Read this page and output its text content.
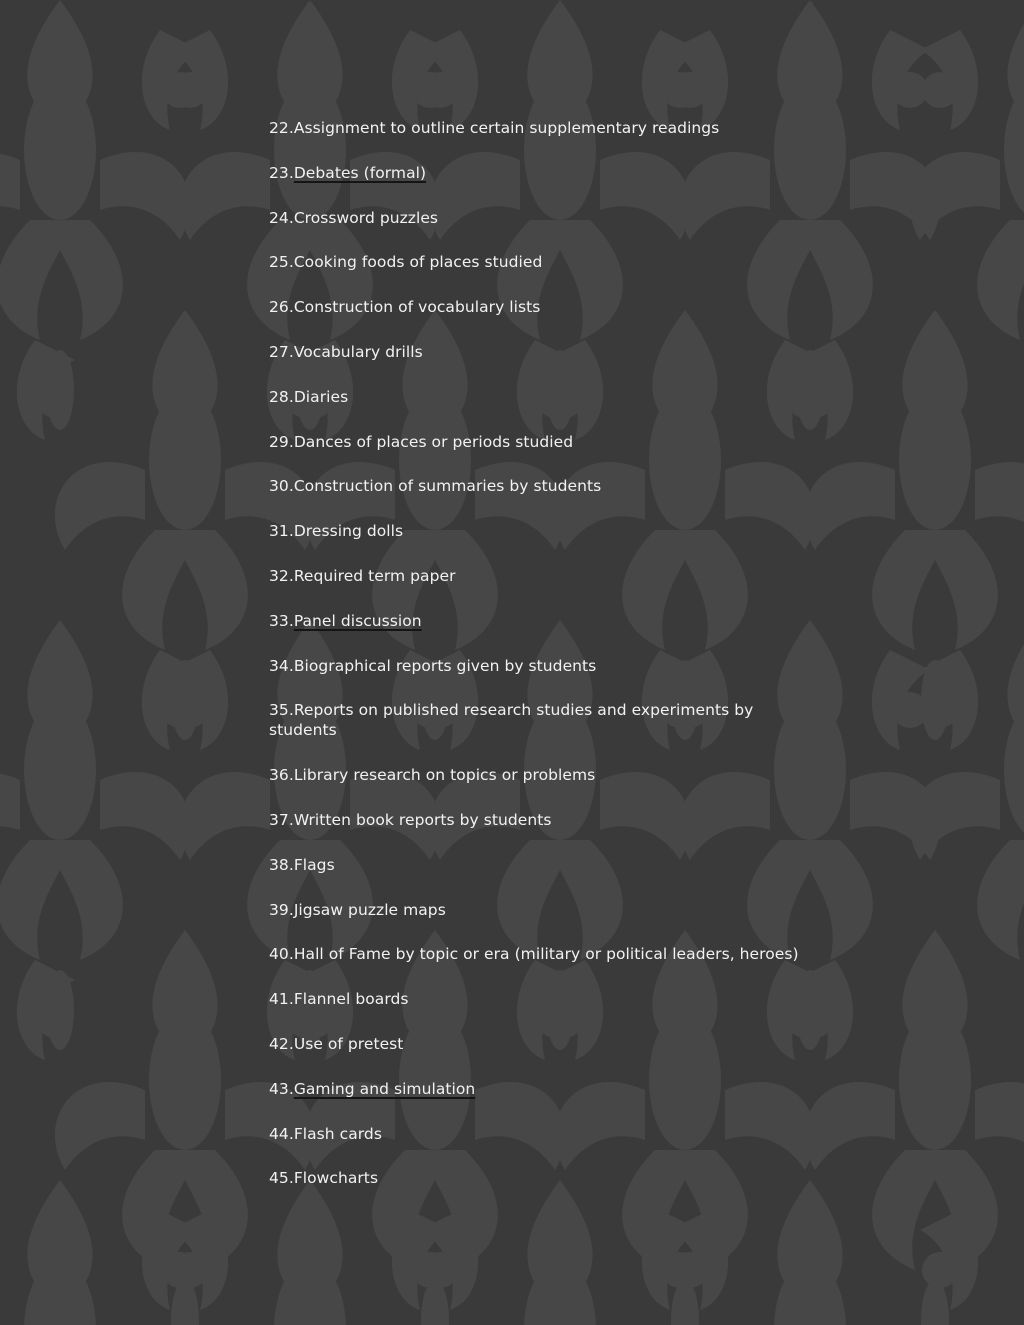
22.Assignment to outline certain supplementary readings
23.Debates (formal)
24.Crossword puzzles
25.Cooking foods of places studied
26.Construction of vocabulary lists
27.Vocabulary drills
28.Diaries
29.Dances of places or periods studied
30.Construction of summaries by students
31.Dressing dolls
32.Required term paper
33.Panel discussion
34.Biographical reports given by students
35.Reports on published research studies and experiments by students
36.Library research on topics or problems
37.Written book reports by students
38.Flags
39.Jigsaw puzzle maps
40.Hall of Fame by topic or era (military or political leaders, heroes)
41.Flannel boards
42.Use of pretest
43.Gaming and simulation
44.Flash cards
45.Flowcharts
